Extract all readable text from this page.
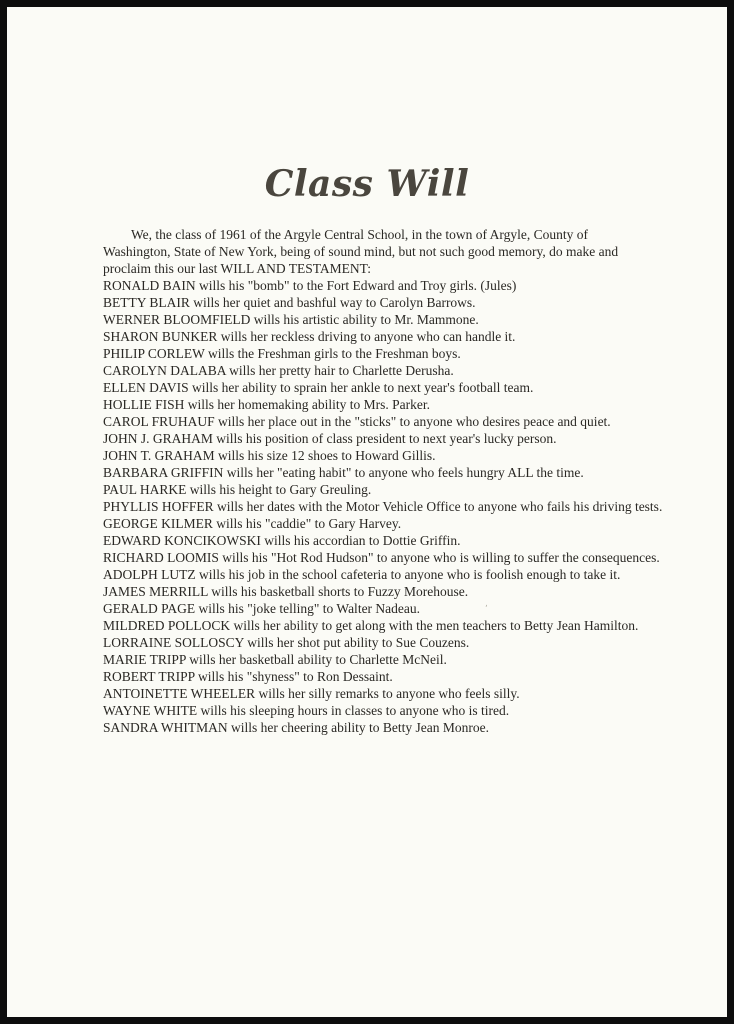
Class Will

We, the class of 1961 of the Argyle Central School, in the town of Argyle, County of Washington, State of New York, being of sound mind, but not such good memory, do make and proclaim this our last WILL AND TESTAMENT:

RONALD BAIN wills his "bomb" to the Fort Edward and Troy girls. (Jules)
BETTY BLAIR wills her quiet and bashful way to Carolyn Barrows.
WERNER BLOOMFIELD wills his artistic ability to Mr. Mammone.
SHARON BUNKER wills her reckless driving to anyone who can handle it.
PHILIP CORLEW wills the Freshman girls to the Freshman boys.
CAROLYN DALABA wills her pretty hair to Charlette Derusha.
ELLEN DAVIS wills her ability to sprain her ankle to next year's football team.
HOLLIE FISH wills her homemaking ability to Mrs. Parker.
CAROL FRUHAUF wills her place out in the "sticks" to anyone who desires peace and quiet.
JOHN J. GRAHAM wills his position of class president to next year's lucky person.
JOHN T. GRAHAM wills his size 12 shoes to Howard Gillis.
BARBARA GRIFFIN wills her "eating habit" to anyone who feels hungry ALL the time.
PAUL HARKE wills his height to Gary Greuling.
PHYLLIS HOFFER wills her dates with the Motor Vehicle Office to anyone who fails his driving tests.
GEORGE KILMER wills his "caddie" to Gary Harvey.
EDWARD KONCIKOWSKI wills his accordian to Dottie Griffin.
RICHARD LOOMIS wills his "Hot Rod Hudson" to anyone who is willing to suffer the consequences.
ADOLPH LUTZ wills his job in the school cafeteria to anyone who is foolish enough to take it.
JAMES MERRILL wills his basketball shorts to Fuzzy Morehouse.
GERALD PAGE wills his "joke telling" to Walter Nadeau.
MILDRED POLLOCK wills her ability to get along with the men teachers to Betty Jean Hamilton.
LORRAINE SOLLOSCY wills her shot put ability to Sue Couzens.
MARIE TRIPP wills her basketball ability to Charlette McNeil.
ROBERT TRIPP wills his "shyness" to Ron Dessaint.
ANTOINETTE WHEELER wills her silly remarks to anyone who feels silly.
WAYNE WHITE wills his sleeping hours in classes to anyone who is tired.
SANDRA WHITMAN wills her cheering ability to Betty Jean Monroe.
,
